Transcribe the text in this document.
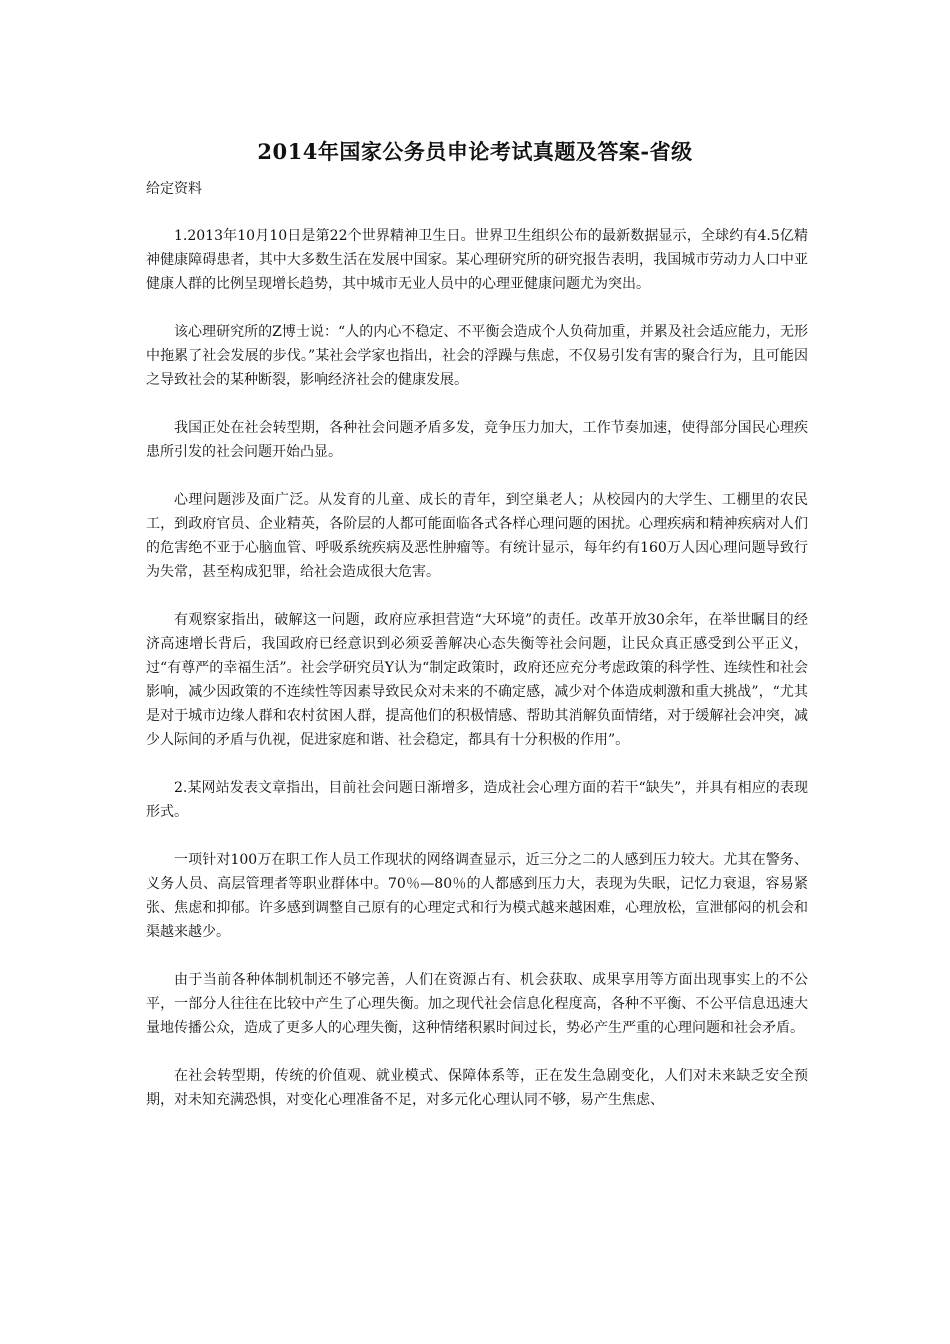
2014年国家公务员申论考试真题及答案-省级

给定资料

1.2013年10月10日是第22个世界精神卫生日。世界卫生组织公布的最新数据显示，全球约有4.5亿精神健康障碍患者，其中大多数生活在发展中国家。某心理研究所的研究报告表明，我国城市劳动力人口中亚健康人群的比例呈现增长趋势，其中城市无业人员中的心理亚健康问题尤为突出。

该心理研究所的Z博士说：“人的内心不稳定、不平衡会造成个人负荷加重，并累及社会适应能力，无形中拖累了社会发展的步伐。”某社会学家也指出，社会的浮躁与焦虑，不仅易引发有害的聚合行为，且可能因之导致社会的某种断裂，影响经济社会的健康发展。

我国正处在社会转型期，各种社会问题矛盾多发，竞争压力加大，工作节奏加速，使得部分国民心理疾患所引发的社会问题开始凸显。

心理问题涉及面广泛。从发育的儿童、成长的青年，到空巢老人；从校园内的大学生、工棚里的农民工，到政府官员、企业精英，各阶层的人都可能面临各式各样心理问题的困扰。心理疾病和精神疾病对人们的危害绝不亚于心脑血管、呼吸系统疾病及恶性肿瘤等。有统计显示，每年约有160万人因心理问题导致行为失常，甚至构成犯罪，给社会造成很大危害。

有观察家指出，破解这一问题，政府应承担营造“大环境”的责任。改革开放30余年，在举世瞩目的经济高速增长背后，我国政府已经意识到必须妥善解决心态失衡等社会问题，让民众真正感受到公平正义，过“有尊严的幸福生活”。社会学研究员Y认为“制定政策时，政府还应充分考虑政策的科学性、连续性和社会影响，减少因政策的不连续性等因素导致民众对未来的不确定感，减少对个体造成刺激和重大挑战”，“尤其是对于城市边缘人群和农村贫困人群，提高他们的积极情感、帮助其消解负面情绪，对于缓解社会冲突，减少人际间的矛盾与仇视，促进家庭和谐、社会稳定，都具有十分积极的作用”。

2.某网站发表文章指出，目前社会问题日渐增多，造成社会心理方面的若干“缺失”，并具有相应的表现形式。

一项针对100万在职工作人员工作现状的网络调查显示，近三分之二的人感到压力较大。尤其在警务、义务人员、高层管理者等职业群体中。70％—80％的人都感到压力大，表现为失眠，记忆力衰退，容易紧张、焦虑和抑郁。许多感到调整自己原有的心理定式和行为模式越来越困难，心理放松，宣泄郁闷的机会和渠越来越少。

由于当前各种体制机制还不够完善，人们在资源占有、机会获取、成果享用等方面出现事实上的不公平，一部分人往往在比较中产生了心理失衡。加之现代社会信息化程度高，各种不平衡、不公平信息迅速大量地传播公众，造成了更多人的心理失衡，这种情绪积累时间过长，势必产生严重的心理问题和社会矛盾。

在社会转型期，传统的价值观、就业模式、保障体系等，正在发生急剧变化，人们对未来缺乏安全预期，对未知充满恐惧，对变化心理准备不足，对多元化心理认同不够，易产生焦虑、
